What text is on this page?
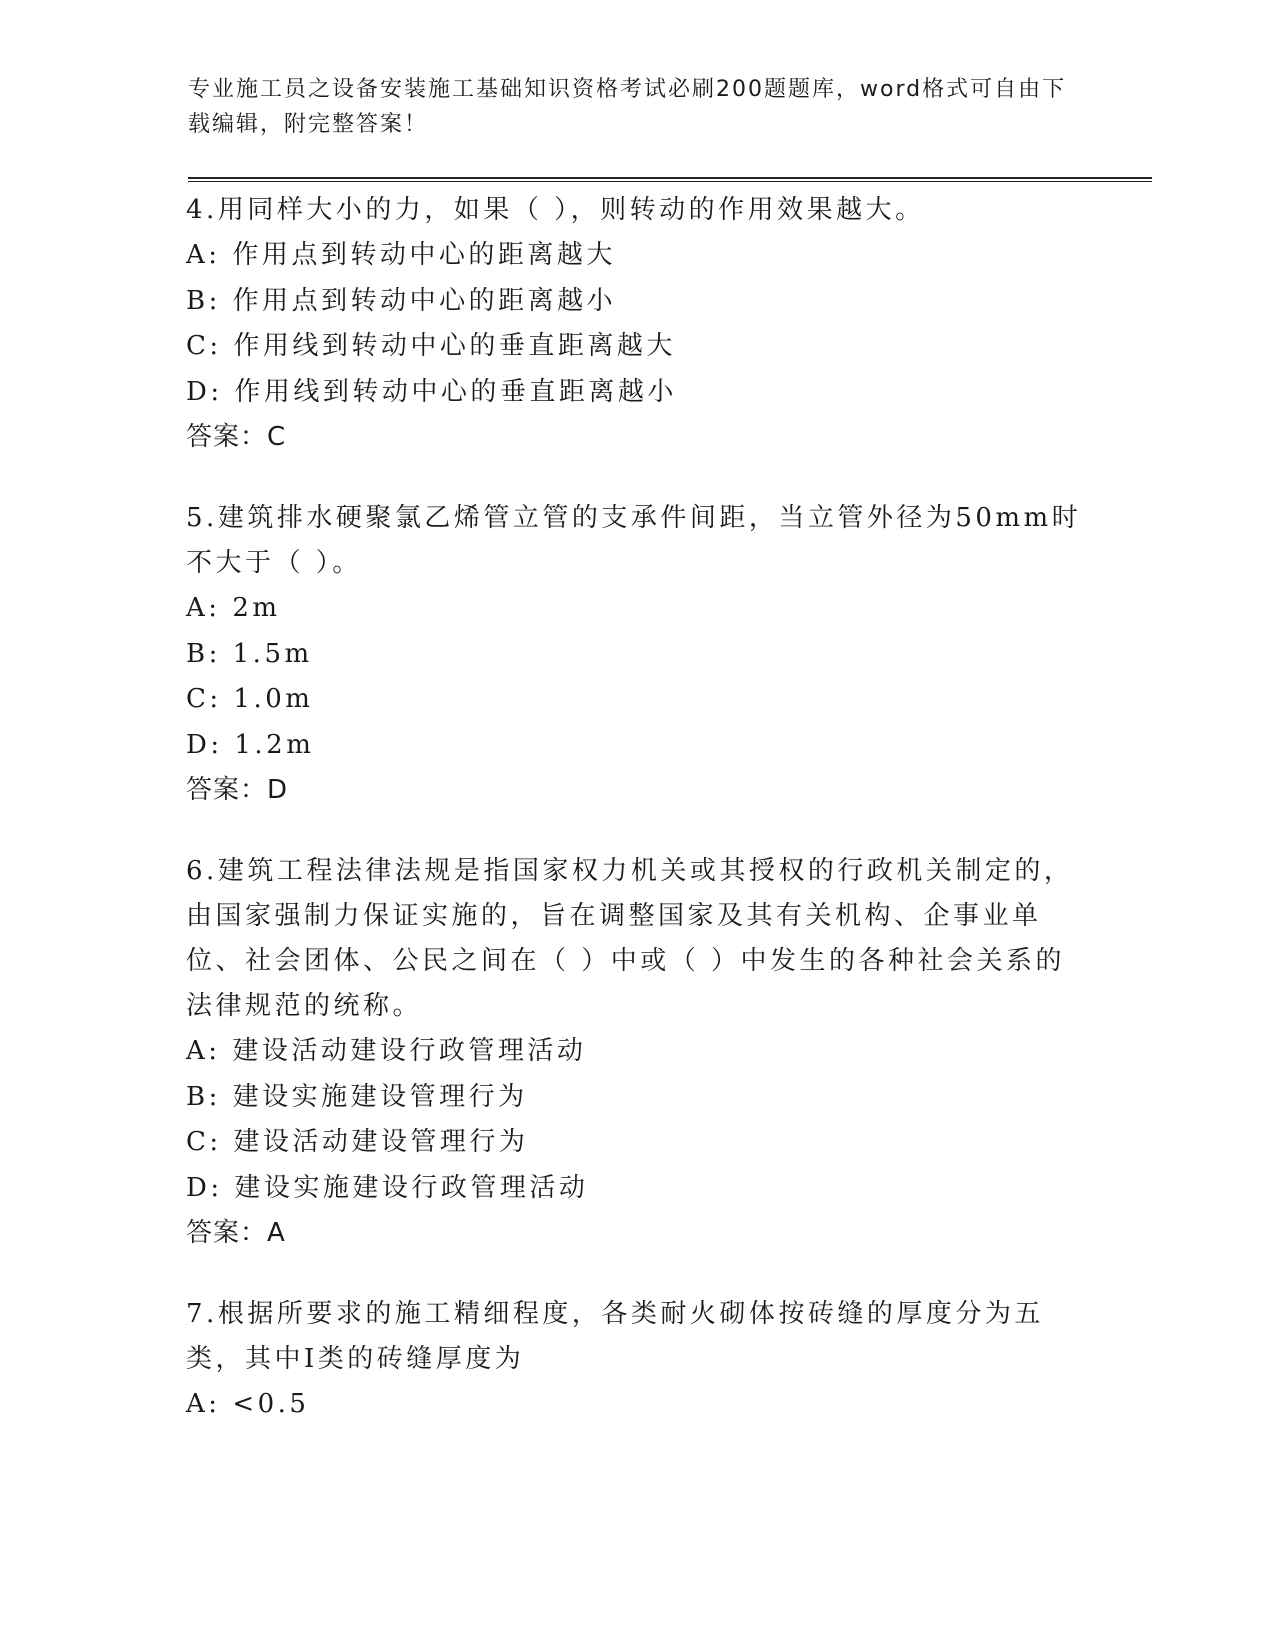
专业施工员之设备安装施工基础知识资格考试必刷200题题库，word格式可自由下载编辑，附完整答案！
4.用同样大小的力，如果（ ），则转动的作用效果越大。
A: 作用点到转动中心的距离越大
B: 作用点到转动中心的距离越小
C: 作用线到转动中心的垂直距离越大
D: 作用线到转动中心的垂直距离越小
答案：C
5.建筑排水硬聚氯乙烯管立管的支承件间距，当立管外径为50mm时不大于（ ）。
A: 2m
B: 1.5m
C: 1.0m
D: 1.2m
答案：D
6.建筑工程法律法规是指国家权力机关或其授权的行政机关制定的，由国家强制力保证实施的，旨在调整国家及其有关机构、企事业单位、社会团体、公民之间在（ ）中或（ ）中发生的各种社会关系的法律规范的统称。
A: 建设活动建设行政管理活动
B: 建设实施建设管理行为
C: 建设活动建设管理行为
D: 建设实施建设行政管理活动
答案：A
7.根据所要求的施工精细程度，各类耐火砌体按砖缝的厚度分为五类，其中Ⅰ类的砖缝厚度为
A: <0.5
